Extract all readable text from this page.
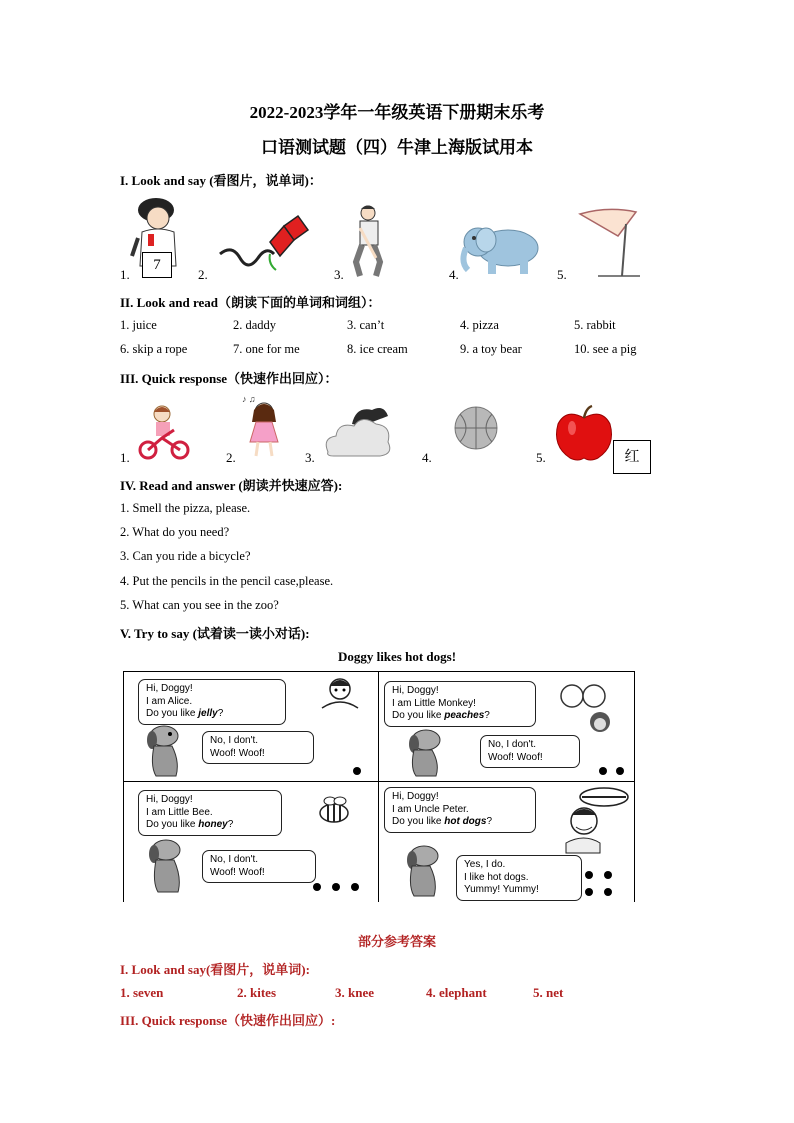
2022-2023学年一年级英语下册期末乐考
口语测试题（四）牛津上海版试用本
I. Look and say (看图片，说单词)：
7
1.	2.	3.	4.	5.
II. Look and read（朗读下面的单词和词组）：
1. juice	2. daddy	3. can’t	4. pizza	5. rabbit
6. skip a rope	7. one for me	8. ice cream	9. a toy bear	10. see a pig
III. Quick response（快速作出回应）：
♪ ♫
红
1.	2.	3.	4.	5.
IV. Read and answer (朗读并快速应答):
1. Smell the pizza, please.
2. What do you need?
3. Can you ride a bicycle?
4. Put the pencils in the pencil case,please.
5. What can you see in the zoo?
V. Try to say (试着读一读小对话):
Doggy likes hot dogs!
Hi, Doggy!
I am Alice.
Do you like jelly?
No, I don't.
Woof! Woof!
Hi, Doggy!
I am Little Monkey!
Do you like peaches?
No, I don't.
Woof! Woof!
Hi, Doggy!
I am Little Bee.
Do you like honey?
No, I don't.
Woof! Woof!
Hi, Doggy!
I am Uncle Peter.
Do you like hot dogs?
Yes, I do.
I like hot dogs.
Yummy! Yummy!
部分参考答案
I. Look and say(看图片，说单词):
1. seven	2. kites	3. knee	4. elephant	5. net
III. Quick response（快速作出回应）:
